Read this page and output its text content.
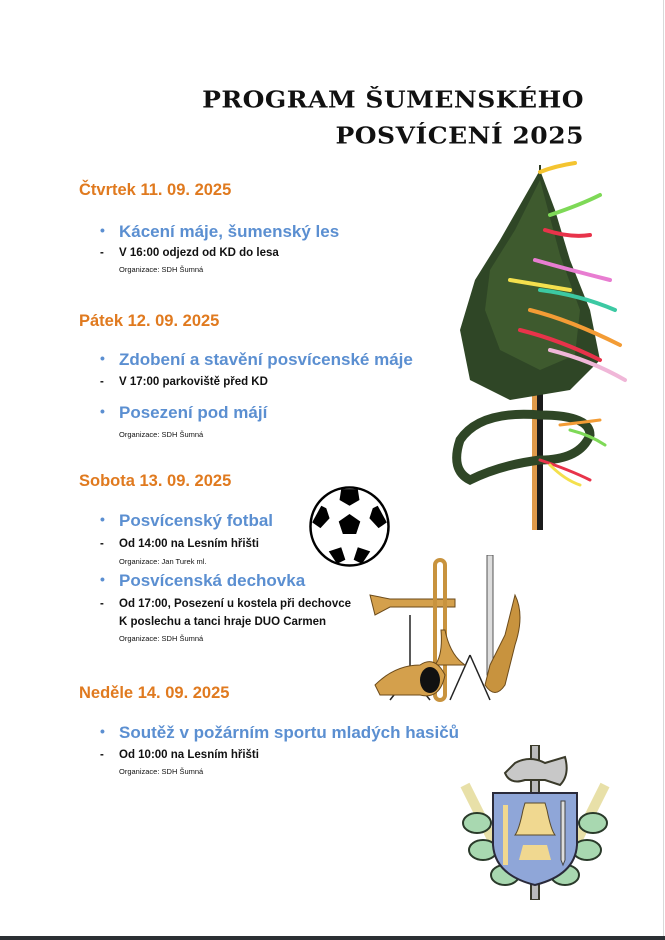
PROGRAM ŠUMENSKÉHO
POSVÍCENÍ 2025
Čtvrtek 11. 09. 2025
• Kácení máje, šumenský les
- V 16:00 odjezd od KD do lesa
Organizace: SDH Šumná
Pátek 12. 09. 2025
• Zdobení a stavění posvícenské máje
- V 17:00 parkoviště před KD
• Posezení pod májí
Organizace: SDH Šumná
Sobota 13. 09. 2025
• Posvícenský fotbal
- Od 14:00 na Lesním hřišti
Organizace: Jan Turek ml.
• Posvícenská dechovka
- Od 17:00, Posezení u kostela při dechovce
K poslechu a tanci hraje DUO Carmen
Organizace: SDH Šumná
Neděle 14. 09. 2025
• Soutěž v požárním sportu mladých hasičů
- Od 10:00 na Lesním hřišti
Organizace: SDH Šumná
